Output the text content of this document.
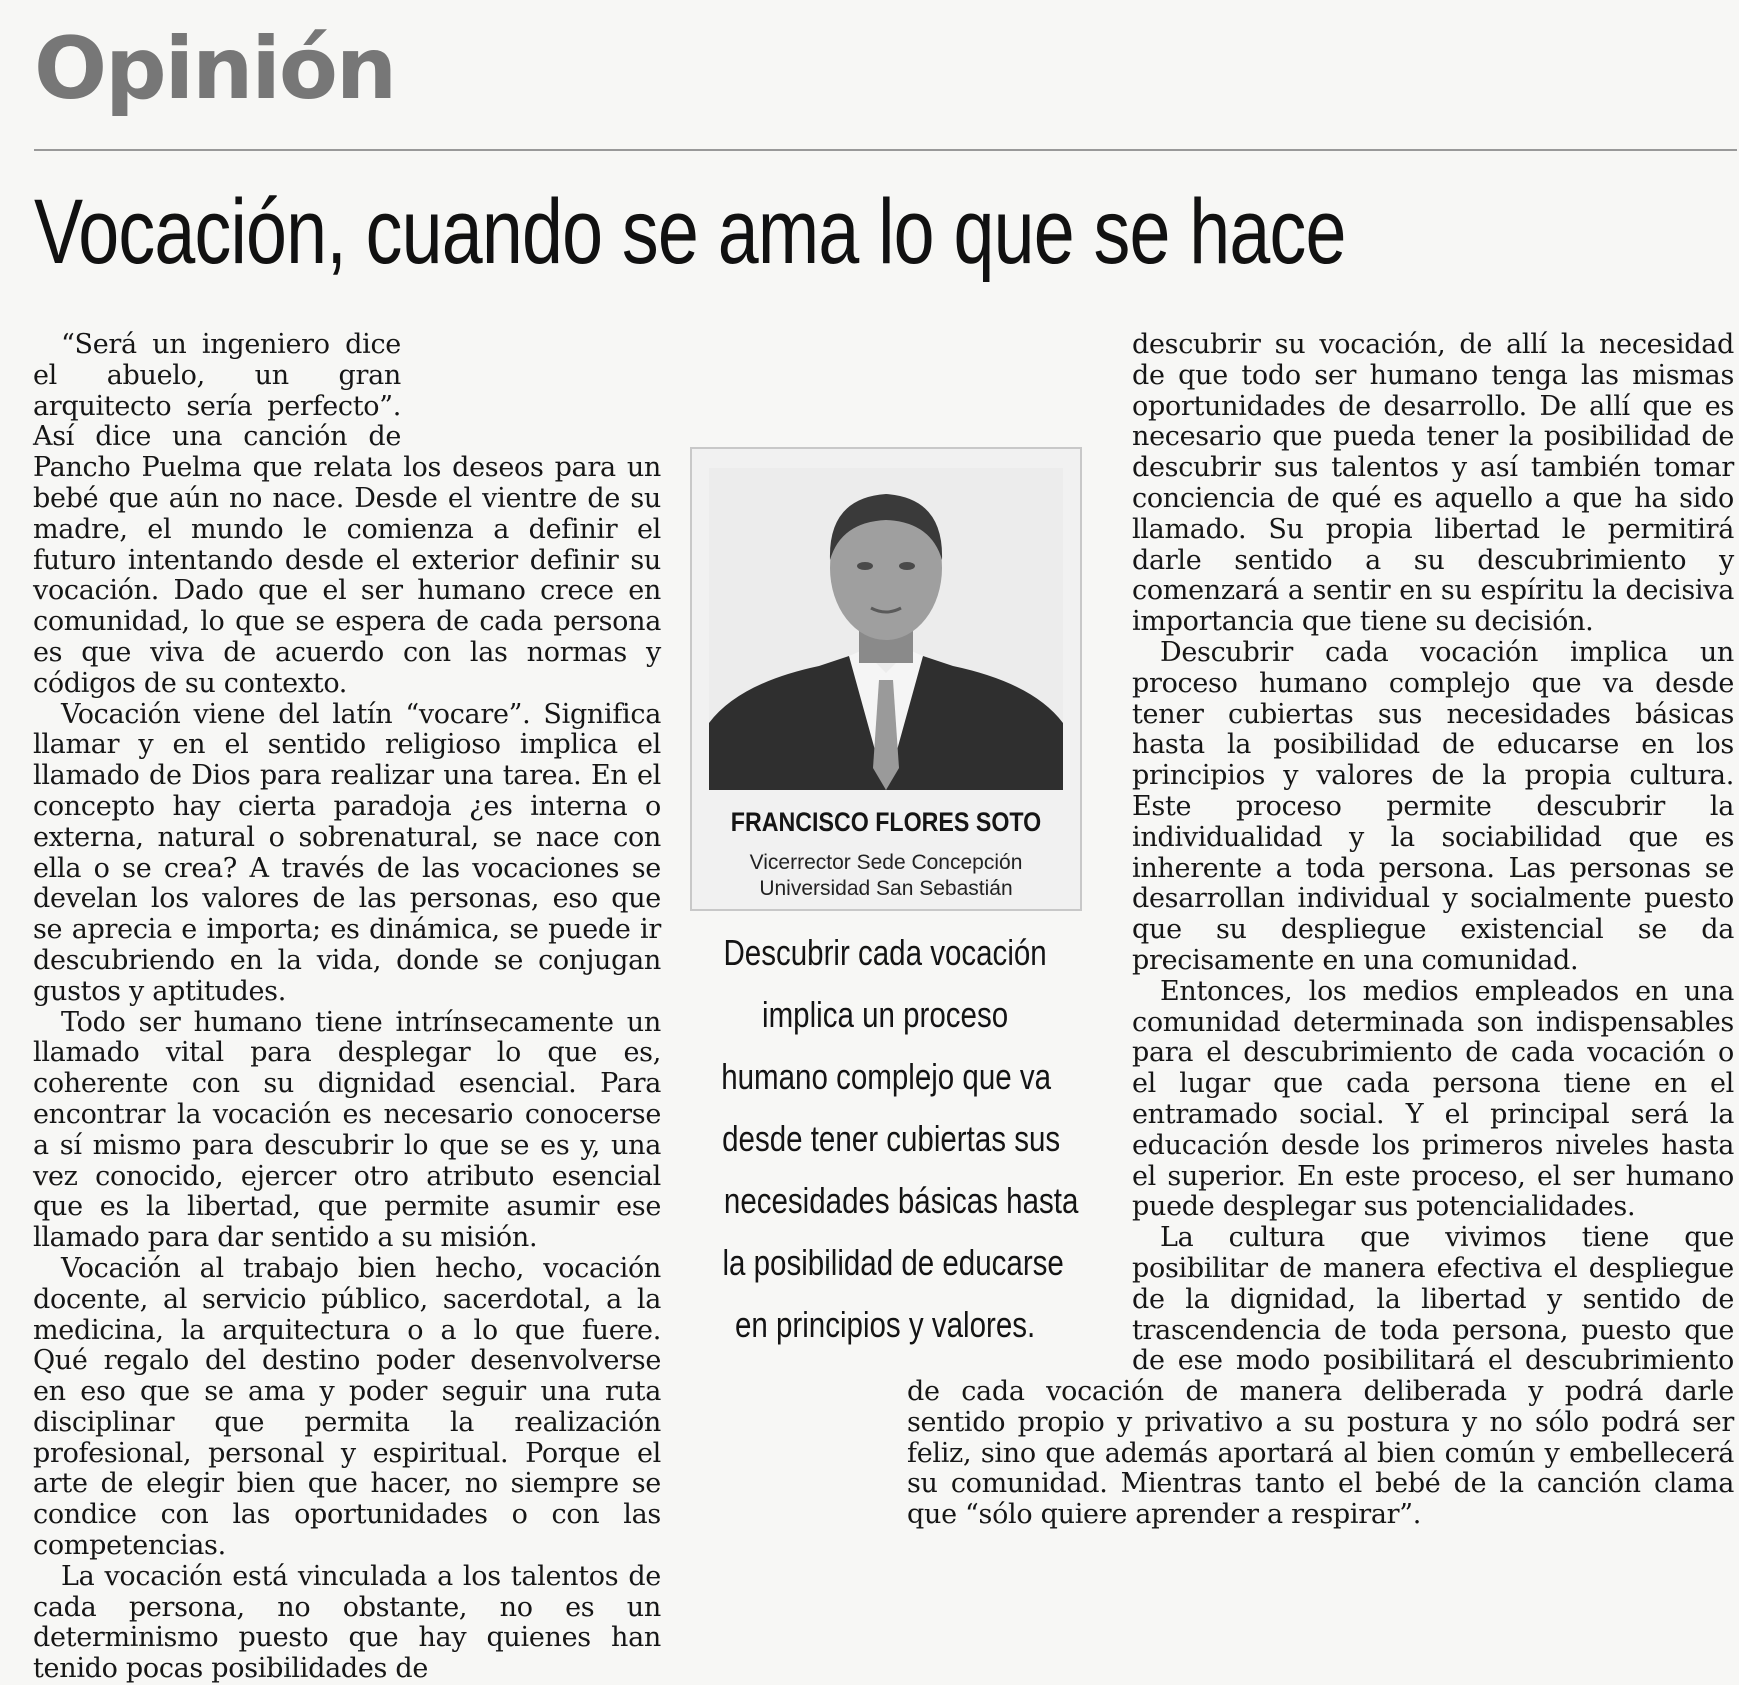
Opinión
Vocación, cuando se ama lo que se hace

“Será un ingeniero dice el abuelo, un gran arquitecto sería perfecto”. Así dice una canción de Pancho Puelma que relata los deseos para un bebé que aún no nace. Desde el vientre de su madre, el mundo le comienza a definir el futuro intentando desde el exterior definir su vocación. Dado que el ser humano crece en comunidad, lo que se espera de cada persona es que viva de acuerdo con las normas y códigos de su contexto.

Vocación viene del latín “vocare”. Significa llamar y en el sentido religioso implica el llamado de Dios para realizar una tarea. En el concepto hay cierta paradoja ¿es interna o externa, natural o sobrenatural, se nace con ella o se crea? A través de las vocaciones se develan los valores de las personas, eso que se aprecia e importa; es dinámica, se puede ir descubriendo en la vida, donde se conjugan gustos y aptitudes.

Todo ser humano tiene intrínsecamente un llamado vital para desplegar lo que es, coherente con su dignidad esencial. Para encontrar la vocación es necesario conocerse a sí mismo para descubrir lo que se es y, una vez conocido, ejercer otro atributo esencial que es la libertad, que permite asumir ese llamado para dar sentido a su misión.

Vocación al trabajo bien hecho, vocación docente, al servicio público, sacerdotal, a la medicina, la arquitectura o a lo que fuere. Qué regalo del destino poder desenvolverse en eso que se ama y poder seguir una ruta disciplinar que permita la realización profesional, personal y espiritual. Porque el arte de elegir bien que hacer, no siempre se condice con las oportunidades o con las competencias.

La vocación está vinculada a los talentos de cada persona, no obstante, no es un determinismo puesto que hay quienes han tenido pocas posibilidades de

descubrir su vocación, de allí la necesidad de que todo ser humano tenga las mismas oportunidades de desarrollo. De allí que es necesario que pueda tener la posibilidad de descubrir sus talentos y así también tomar conciencia de qué es aquello a que ha sido llamado. Su propia libertad le permitirá darle sentido a su descubrimiento y comenzará a sentir en su espíritu la decisiva importancia que tiene su decisión.

Descubrir cada vocación implica un proceso humano complejo que va desde tener cubiertas sus necesidades básicas hasta la posibilidad de educarse en los principios y valores de la propia cultura. Este proceso permite descubrir la individualidad y la sociabilidad que es inherente a toda persona. Las personas se desarrollan individual y socialmente puesto que su despliegue existencial se da precisamente en una comunidad.

Entonces, los medios empleados en una comunidad determinada son indispensables para el descubrimiento de cada vocación o el lugar que cada persona tiene en el entramado social. Y el principal será la educación desde los primeros niveles hasta el superior. En este proceso, el ser humano puede desplegar sus potencialidades.

La cultura que vivimos tiene que posibilitar de manera efectiva el despliegue de la dignidad, la libertad y sentido de trascendencia de toda persona, puesto que de ese modo posibilitará el descubrimiento de cada vocación de manera deliberada y podrá darle sentido propio y privativo a su postura y no sólo podrá ser feliz, sino que además aportará al bien común y embellecerá su comunidad. Mientras tanto el bebé de la canción clama que “sólo quiere aprender a respirar”.

FRANCISCO FLORES SOTO
Vicerrector Sede Concepción
Universidad San Sebastián
Descubrir cada vocación
implica un proceso
humano complejo que va
desde tener cubiertas sus
necesidades básicas hasta
la posibilidad de educarse
en principios y valores.
